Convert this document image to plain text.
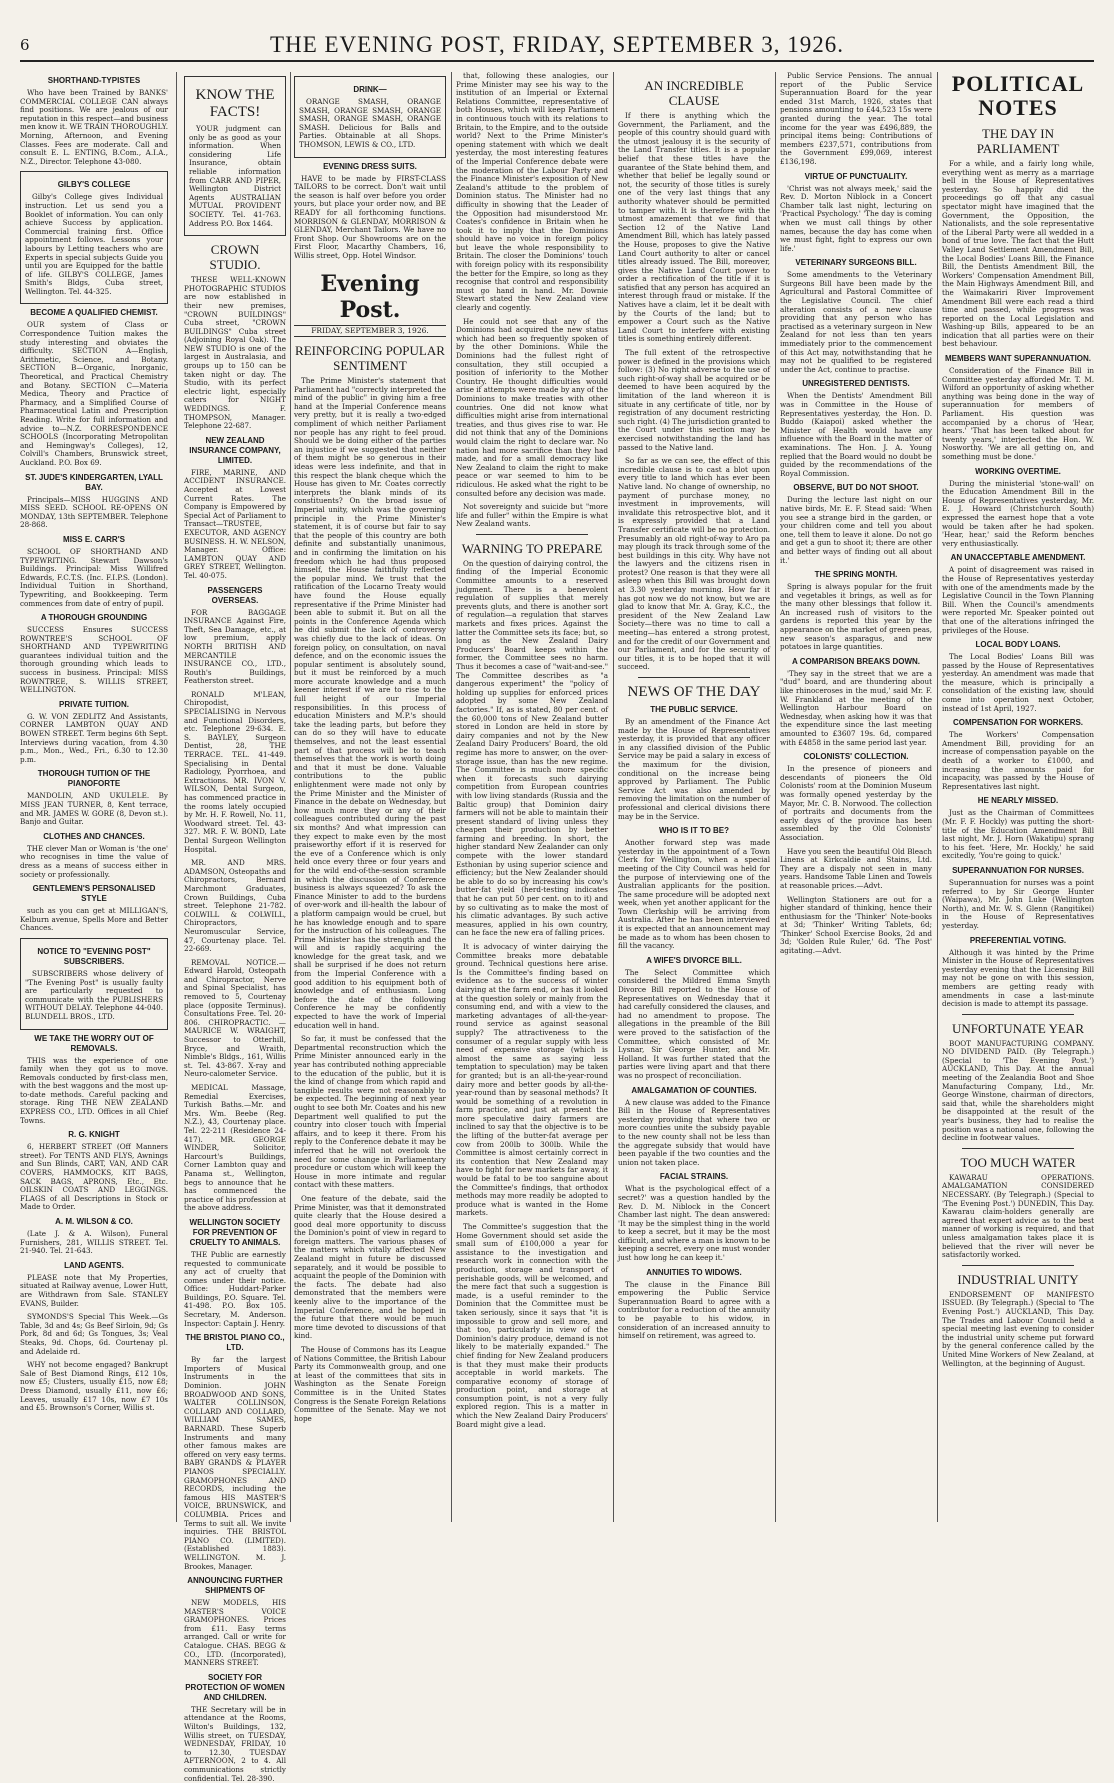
6	THE EVENING POST, FRIDAY, SEPTEMBER 3, 1926.
SHORTHAND-TYPISTES

Who have been Trained by BANKS' COMMERCIAL COLLEGE CAN always find positions. We are jealous of our reputation in this respect—and business men know it. WE TRAIN THOROUGHLY. Morning, Afternoon, and Evening Classes. Fees are moderate. Call and consult E. L. ENTING, B.Com., A.I.A., N.Z., Director. Telephone 43-080.

GILBY'S COLLEGE

Gilby's College gives Individual instruction. Let us send you a Booklet of information. You can only achieve Success by application. Commercial training first. Office appointment follows. Lessons your labours by Letting teachers who are Experts in special subjects Guide you until you are Equipped for the battle of life. GILBY'S COLLEGE, James Smith's Bldgs, Cuba street, Wellington. Tel. 44-325.

BECOME A QUALIFIED CHEMIST.

OUR system of Class or Correspondence Tuition makes the study interesting and obviates the difficulty. SECTION A—English, Arithmetic, Science, and Botany. SECTION B—Organic, Inorganic, Theoretical, and Practical Chemistry and Botany. SECTION C—Materia Medica, Theory and Practice of Pharmacy, and a Simplified Course of Pharmaceutical Latin and Prescription Reading. Write for full information and advice to—N.Z. CORRESPONDENCE SCHOOLS (Incorporating Metropolitan and Hemingway's Colleges), 12, Colvill's Chambers, Brunswick street, Auckland. P.O. Box 69.

ST. JUDE'S KINDERGARTEN, LYALL BAY.

Principals—MISS HUGGINS AND MISS SEED. SCHOOL RE-OPENS ON MONDAY, 13th SEPTEMBER. Telephone 28-868.

MISS E. CARR'S

SCHOOL OF SHORTHAND AND TYPEWRITING. Stewart Dawson's Buildings. Principal: Miss Willifred Edwards, F.C.T.S. (Inc. F.I.P.S. (London). Individual Tuition in Shorthand, Typewriting, and Bookkeeping. Term commences from date of entry of pupil.

A THOROUGH GROUNDING

SUCCESS Ensures SUCCESS ROWNTREE'S SCHOOL OF SHORTHAND AND TYPEWRITING guarantees individual tuition and the thorough grounding which leads to success in business. Principal: MISS ROWNTREE, S. WILLIS STREET, WELLINGTON.

PRIVATE TUITION.

G. W. VON ZEDLITZ And Assistants, CORNER LAMBTON QUAY AND BOWEN STREET. Term begins 6th Sept. Interviews during vacation, from 4.30 p.m., Mon., Wed., Fri., 6.30 to 12.30 p.m.

THOROUGH TUITION OF THE PIANOFORTE

MANDOLIN, AND UKULELE. By MISS JEAN TURNER, 8, Kent terrace, and MR. JAMES W. GORE (8, Devon st.). Banjo and Guitar.

CLOTHES AND CHANCES.

THE clever Man or Woman is 'the one' who recognises in time the value of dress as a means of success either in society or professionally.

GENTLEMEN'S PERSONALISED STYLE

such as you can get at MILLIGAN'S, Kelburn avenue, Spells More and Better Chances.

NOTICE TO "EVENING POST" SUBSCRIBERS.

SUBSCRIBERS whose delivery of "The Evening Post" is usually faulty are particularly requested to communicate with the PUBLISHERS WITHOUT DELAY. Telephone 44-040. BLUNDELL BROS., LTD.

WE TAKE THE WORRY OUT OF REMOVALS.

THIS was the experience of one family when they got us to move. Removals conducted by first-class men, with the best waggons and the most up-to-date methods. Careful packing and storage. Ring THE NEW ZEALAND EXPRESS CO., LTD. Offices in all Chief Towns.

R. G. KNIGHT

6, HERBERT STREET (Off Manners street). For TENTS AND FLYS, Awnings and Sun Blinds, CART, VAN, AND CAR COVERS, HAMMOCKS, KIT BAGS, SACK BAGS, APRONS, Etc., Etc. OILSKIN COATS AND LEGGINGS. FLAGS of all Descriptions in Stock or Made to Order.

A. M. WILSON & CO.

(Late J. & A. Wilson), Funeral Furnishers, 281, WILLIS STREET. Tel. 21-940. Tel. 21-643.

LAND AGENTS.

PLEASE note that My Properties, situated at Railway avenue, Lower Hutt, are Withdrawn from Sale. STANLEY EVANS, Builder.

SYMONDS'S Special This Week.—Gs Table, 3d and 4s; Gs Beef Sirloin, 9d; Gs Pork, 8d and 6d; Gs Tongues, 3s; Veal Steaks, 9d. Chops, 6d. Courtenay pl. and Adelaide rd.

WHY not become engaged? Bankrupt Sale of Best Diamond Rings, £12 10s, now £5; Clusters, usually £15, now £8; Dress Diamond, usually £11, now £6; Leaves, usually £17 10s, now £7 10s and £5. Brownson's Corner, Willis st.

KNOW THE FACTS!

YOUR judgment can only be as good as your information. When considering Life Insurance, obtain reliable information from CARR AND PIPER, Wellington District Agents AUSTRALIAN MUTUAL PROVIDENT SOCIETY. Tel. 41-763. Address P.O. Box 1464.

CROWN STUDIO.

THESE WELL-KNOWN PHOTOGRAPHIC STUDIOS are now established in their new premises, "CROWN BUILDINGS" Cuba street, "CROWN BUILDINGS" Cuba street (Adjoining Royal Oak). The NEW STUDIO is one of the largest in Australasia, and groups up to 150 can be taken night or day. The Studio, with its perfect electric light, especially caters for NIGHT WEDDINGS. F. THOMPSON, Manager. Telephone 22-687.

NEW ZEALAND INSURANCE COMPANY, LIMITED.

FIRE, MARINE, AND ACCIDENT INSURANCE. Accepted at Lowest Current Rates. The Company is Empowered by Special Act of Parliament to Transact—TRUSTEE, EXECUTOR, AND AGENCY BUSINESS. H. W. NELSON, Manager. Office: LAMBTON QUAY AND GREY STREET, Wellington. Tel. 40-075.

PASSENGERS OVERSEAS.

FOR BAGGAGE INSURANCE Against Fire, Theft, Sea Damage, etc., at low premium, apply NORTH BRITISH AND MERCANTILE INSURANCE CO., LTD., Routh's Buildings, Featherston street.

RONALD M'LEAN, Chiropodist, SPECIALISING in Nervous and Functional Disorders, etc. Telephone 29-634. E. S. BAYLEY, Surgeon Dentist, 28, THE TERRACE. TEL. 41-449. Specialising in Dental Radiology, Pyorrhoea, and Extractions. MR. IVON V. WILSON, Dental Surgeon, has commenced practice in the rooms lately occupied by Mr. H. F. Rowell, No. 11, Woodward street. Tel. 43-327. MR. F. W. BOND, Late Dental Surgeon Wellington Hospital.

MR. AND MRS. ADAMSON, Osteopaths and Chiropractors, Bernard Marchmont Graduates, Crown Buildings, Cuba street. Telephone 21-782. COLWILL & COLWILL, Chiropractors, Neuromuscular Service, 47, Courtenay place. Tel. 22-669.

REMOVAL NOTICE.—Edward Harold, Osteopath and Chiropractor, Nerve and Spinal Specialist, has removed to 5, Courtenay place (opposite Terminus). Consultations Free. Tel. 20-806. CHIROPRACTIC. — MAURICE W. WRAIGHT, Successor to Otterhill, Bryce, and Wraith, Nimble's Bldgs., 161, Willis st. Tel. 43-867. X-ray and Neuro-calometer Service.

MEDICAL Massage, Remedial Exercises, Turkish Baths.—Mr. and Mrs. Wm. Beebe (Reg. N.Z.), 43, Courtenay place. Tel. 22-211 (Residence 24-417). MR. GEORGE WINDER, Solicitor, Harcourt's Buildings, Corner Lambton quay and Panama st., Wellington, begs to announce that he has commenced the practice of his profession at the above address.

WELLINGTON SOCIETY FOR PREVENTION OF CRUELTY TO ANIMALS.

THE Public are earnestly requested to communicate any act of cruelty that comes under their notice. Office: Huddart-Parker Buildings, P.O. Square. Tel. 41-498. P.O. Box 105. Secretary, M. Anderson. Inspector: Captain J. Henry.

THE BRISTOL PIANO CO., LTD.

By far the largest Importers of Musical Instruments in the Dominion. JOHN BROADWOOD AND SONS, WALTER COLLINSON, COLLARD AND COLLARD, WILLIAM SAMES, BARNARD. These Superb Instruments and many other famous makes are offered on very easy terms. BABY GRANDS & PLAYER PIANOS SPECIALLY. GRAMOPHONES AND RECORDS, including the famous HIS MASTER'S VOICE, BRUNSWICK, and COLUMBIA. Prices and Terms to suit all. We invite inquiries. THE BRISTOL PIANO CO. (LIMITED). (Established 1883). WELLINGTON. M. J. Brookes, Manager.

ANNOUNCING FURTHER SHIPMENTS OF

NEW MODELS, HIS MASTER'S VOICE GRAMOPHONES. Prices from £11. Easy terms arranged. Call or write for Catalogue. CHAS. BEGG & CO., LTD. (Incorporated), MANNERS STREET.

SOCIETY FOR PROTECTION OF WOMEN AND CHILDREN.

THE Secretary will be in attendance at the Rooms, Wilton's Buildings, 132, Willis street, on TUESDAY, WEDNESDAY, FRIDAY, 10 to 12.30, TUESDAY AFTERNOON, 2 to 4. All communications strictly confidential. Tel. 28-390.

DRINK—

ORANGE SMASH, ORANGE SMASH, ORANGE SMASH, ORANGE SMASH, ORANGE SMASH, ORANGE SMASH. Delicious for Balls and Parties. Obtainable at all Shops. THOMSON, LEWIS & CO., LTD.

EVENING DRESS SUITS.

HAVE to be made by FIRST-CLASS TAILORS to be correct. Don't wait until the season is half over before you order yours, but place your order now, and BE READY for all forthcoming functions. MORRISON & GLENDAY, MORRISON & GLENDAY, Merchant Tailors. We have no Front Shop. Our Showrooms are on the First Floor, Macarthy Chambers, 16, Willis street, Opp. Hotel Windsor.

Evening Post.
FRIDAY, SEPTEMBER 3, 1926.
REINFORCING POPULAR SENTIMENT

The Prime Minister's statement that Parliament had "correctly interpreted the mind of the public" in giving him a free hand at the Imperial Conference means very pretty, but it is really a two-edged compliment of which neither Parliament nor people has any right to feel proud. Should we be doing either of the parties an injustice if we suggested that neither of them might be so generous in their ideas were less indefinite, and that in this respect the blank cheque which the House has given to Mr. Coates correctly interprets the blank minds of its constituents? On the broad issue of Imperial unity, which was the governing principle in the Prime Minister's statement, it is of course but fair to say that the people of this country are both definite and substantially unanimous, and in confirming the limitation on his freedom which he had thus proposed himself, the House faithfully reflected the popular mind. We trust that the ratification of the Locarno Treaty would have found the House equally representative if the Prime Minister had been able to submit it. But on all the points in the Conference Agenda which he did submit the lack of controversy was chiefly due to the lack of ideas. On foreign policy, on consultation, on naval defence, and on the economic issues the popular sentiment is absolutely sound, but it must be reinforced by a much more accurate knowledge and a much keener interest if we are to rise to the full height of our Imperial responsibilities. In this process of education Ministers and M.P.'s should take the leading parts, but before they can do so they will have to educate themselves, and not the least essential part of that process will be to teach themselves that the work is worth doing and that it must be done. Valuable contributions to the public enlightenment were made not only by the Prime Minister and the Minister of Finance in the debate on Wednesday, but how much more they or any of their colleagues contributed during the past six months? And what impression can they expect to make even by the most praiseworthy effort if it is reserved for the eve of a Conference which is only held once every three or four years and for the wild end-of-the-session scramble in which the discussion of Conference business is always squeezed? To ask the Finance Minister to add to the burdens of over-work and ill-health the labour of a platform campaign would be cruel, but he has knowledge enough and to spare for the instruction of his colleagues. The Prime Minister has the strength and the will and is rapidly acquiring the knowledge for the great task, and we shall be surprised if he does not return from the Imperial Conference with a good addition to his equipment both of knowledge and of enthusiasm. Long before the date of the following Conference he may be confidently expected to have the work of Imperial education well in hand.

So far, it must be confessed that the Departmental reconstruction which the Prime Minister announced early in the year has contributed nothing appreciable to the education of the public, but it is the kind of change from which rapid and tangible results were not reasonably to be expected. The beginning of next year ought to see both Mr. Coates and his new Department well qualified to put the country into closer touch with Imperial affairs, and to keep it there. From his reply to the Conference debate it may be inferred that he will not overlook the need for some change in Parliamentary procedure or custom which will keep the House in more intimate and regular contact with these matters.

One feature of the debate, said the Prime Minister, was that it demonstrated quite clearly that the House desired a good deal more opportunity to discuss the Dominion's point of view in regard to foreign matters. The various phases of the matters which vitally affected New Zealand might in future be discussed separately, and it would be possible to acquaint the people of the Dominion with the facts. The debate had also demonstrated that the members were keenly alive to the importance of the Imperial Conference, and he hoped in the future that there would be much more time devoted to discussions of that kind.

The House of Commons has its League of Nations Committee, the British Labour Party its Commonwealth group, and one at least of the committees that sits in Washington as the Senate Foreign Committee is in the United States Congress is the Senate Foreign Relations Committee of the Senate. May we not hope

that, following these analogies, our Prime Minister may see his way to the institution of an Imperial or External Relations Committee, representative of both Houses, which will keep Parliament in continuous touch with its relations to Britain, to the Empire, and to the outside world? Next to the Prime Minister's opening statement with which we dealt yesterday, the most interesting features of the Imperial Conference debate were the moderation of the Labour Party and the Finance Minister's exposition of New Zealand's attitude to the problem of Dominion status. The Minister had no difficulty in showing that the Leader of the Opposition had misunderstood Mr. Coates's confidence in Britain when he took it to imply that the Dominions should have no voice in foreign policy but leave the whole responsibility to Britain. The closer the Dominions' touch with foreign policy with its responsibility the better for the Empire, so long as they recognise that control and responsibility must go hand in hand. Mr. Downie Stewart stated the New Zealand view clearly and cogently.

He could not see that any of the Dominions had acquired the new status which had been so frequently spoken of by the other Dominions. While the Dominions had the fullest right of consultation, they still occupied a position of inferiority to the Mother Country. He thought difficulties would arise if attempts were made by any of the Dominions to make treaties with other countries. One did not know what difficulties might arise from international treaties, and thus gives rise to war. He did not think that any of the Dominions would claim the right to declare war. No nation had more sacrifice than they had made, and for a small democracy like New Zealand to claim the right to make peace or war seemed to him to be ridiculous. He asked what the right to be consulted before any decision was made.

Not sovereignty and suicide but "more life and fuller" within the Empire is what New Zealand wants.

WARNING TO PREPARE

On the question of dairying control, the finding of the Imperial Economic Committee amounts to a reserved judgment. There is a benevolent regulation of supplies that merely prevents gluts, and there is another sort of regulation—a regulation that starves markets and fixes prices. Against the latter the Committee sets its face; but, so long as the New Zealand Dairy Producers' Board keeps within the former, the Committee sees no harm. Thus it becomes a case of "wait-and-see." The Committee describes as "a dangerous experiment" the "policy of holding up supplies for enforced prices adopted by some New Zealand factories." If, as is stated, 80 per cent. of the 60,000 tons of New Zealand butter stored in London are held in store by dairy companies and not by the New Zealand Dairy Producers' Board, the old regime has more to answer, on the over-storage issue, than has the new regime. The Committee is much more specific when it forecasts such dairying competition from European countries with low living standards (Russia and the Baltic group) that Dominion dairy farmers will not be able to maintain their present standard of living unless they cheapen their production by better farming and breeding. In short, the higher standard New Zealander can only compete with the lower standard Esthonian by using superior science and efficiency; but the New Zealander should be able to do so by increasing his cow's butter-fat yield (herd-testing indicates that he can put 50 per cent. on to it) and by so cultivating as to make the most of his climatic advantages. By such active measures, applied in his own country, can he face the new era of falling prices.

It is advocacy of winter dairying the Committee breaks more debatable ground. Technical questions here arise. Is the Committee's finding based on evidence as to the success of winter dairying at the farm end, or has it looked at the question solely or mainly from the consuming end, and with a view to the marketing advantages of all-the-year-round service as against seasonal supply? The attractiveness to the consumer of a regular supply with less need of expensive storage (which is almost the same as saying less temptation to speculation) may be taken for granted; but is an all-the-year-round dairy more and better goods by all-the-year-round than by seasonal methods? It would be something of a revolution in farm practice, and just at present the more speculative dairy farmers are inclined to say that the objective is to be the lifting of the butter-fat average per cow from 200lb to 300lb. While the Committee is almost certainly correct in its contention that New Zealand may have to fight for new markets far away, it would be fatal to be too sanguine about the Committee's findings, that orthodox methods may more readily be adopted to produce what is wanted in the Home markets.

The Committee's suggestion that the Home Government should set aside the small sum of £100,000 a year for assistance to the investigation and research work in connection with the production, storage and transport of perishable goods, will be welcomed, and the mere fact that such a suggestion is made, is a useful reminder to the Dominion that the Committee must be taken seriously, since it says that "it is impossible to grow and sell more, and that too, particularly in view of the Dominion's dairy produce, demand is not likely to be materially expanded." The chief finding for New Zealand producers is that they must make their products acceptable in world markets. The comparative economy of storage of production point, and storage at consumption point, is not a very fully explored region. This is a matter in which the New Zealand Dairy Producers' Board might give a lead.

AN INCREDIBLE CLAUSE

If there is anything which the Government, the Parliament, and the people of this country should guard with the utmost jealousy it is the security of the Land Transfer titles. It is a popular belief that these titles have the guarantee of the State behind them, and whether that belief be legally sound or not, the security of those titles is surely one of the very last things that any authority whatever should be permitted to tamper with. It is therefore with the utmost amazement that we find that Section 12 of the Native Land Amendment Bill, which has lately passed the House, proposes to give the Native Land Court authority to alter or cancel titles already issued. The Bill, moreover, gives the Native Land Court power to order a rectification of the title if it is satisfied that any person has acquired an interest through fraud or mistake. If the Natives have a claim, let it be dealt with by the Courts of the land; but to empower a Court such as the Native Land Court to interfere with existing titles is something entirely different.

The full extent of the retrospective power is defined in the provisions which follow: (3) No right adverse to the use of such right-of-way shall be acquired or be deemed to have been acquired by the limitation of the land whereon it is situate in any certificate of title, nor by registration of any document restricting such right. (4) The jurisdiction granted to the Court under this section may be exercised notwithstanding the land has passed to the Native land.

So far as we can see, the effect of this incredible clause is to cast a blot upon every title to land which has ever been Native land. No change of ownership, no payment of purchase money, no investment in improvements, will invalidate this retrospective blot, and it is expressly provided that a Land Transfer certificate will be no protection. Presumably an old right-of-way to Aro pa may plough its track through some of the best buildings in this city. Why have not the lawyers and the citizens risen in protest? One reason is that they were all asleep when this Bill was brought down at 3.30 yesterday morning. How far it has got now we do not know, but we are glad to know that Mr. A. Gray, K.C., the president of the New Zealand Law Society—there was no time to call a meeting—has entered a strong protest, and for the credit of our Government and our Parliament, and for the security of our titles, it is to be hoped that it will succeed.

NEWS OF THE DAY
THE PUBLIC SERVICE.

By an amendment of the Finance Act made by the House of Representatives yesterday, it is provided that any officer in any classified division of the Public Service may be paid a salary in excess of the maximum for the division, conditional on the increase being approved by Parliament. The Public Service Act was also amended by removing the limitation on the number of professional and clerical divisions there may be in the Service.

WHO IS IT TO BE?

Another forward step was made yesterday in the appointment of a Town Clerk for Wellington, when a special meeting of the City Council was held for the purpose of interviewing one of the Australian applicants for the position. The same procedure will be adopted next week, when yet another applicant for the Town Clerkship will be arriving from Australia. After he has been interviewed it is expected that an announcement may be made as to whom has been chosen to fill the vacancy.

A WIFE'S DIVORCE BILL.

The Select Committee which considered the Mildred Emma Smyth Divorce Bill reported to the House of Representatives on Wednesday that it had carefully considered the clauses, and had no amendment to propose. The allegations in the preamble of the Bill were proved to the satisfaction of the Committee, which consisted of Mr. Lysnar, Sir George Hunter, and Mr. Holland. It was further stated that the parties were living apart and that there was no prospect of reconciliation.

AMALGAMATION OF COUNTIES.

A new clause was added to the Finance Bill in the House of Representatives yesterday providing that where two or more counties unite the subsidy payable to the new county shall not be less than the aggregate subsidy that would have been payable if the two counties and the union not taken place.

FACIAL STRAINS.

What is the psychological effect of a secret?' was a question handled by the Rev. D. M. Niblock in the Concert Chamber last night. The dean answered: 'It may be the simplest thing in the world to keep a secret, but it may be the most difficult, and where a man is known to be keeping a secret, every one must wonder just how long he can keep it.'

ANNUITIES TO WIDOWS.

The clause in the Finance Bill empowering the Public Service Superannuation Board to agree with a contributor for a reduction of the annuity to be payable to his widow, in consideration of an increased annuity to himself on retirement, was agreed to.

Public Service Pensions. The annual report of the Public Service Superannuation Board for the year ended 31st March, 1926, states that pensions amounting to £44,523 15s were granted during the year. The total income for the year was £496,889, the principal items being: Contributions of members £237,571, contributions from the Government £99,069, interest £136,198.

VIRTUE OF PUNCTUALITY.

'Christ was not always meek,' said the Rev. D. Morton Niblock in a Concert Chamber talk last night, lecturing on 'Practical Psychology.' 'The day is coming when we must call things by other names, because the day has come when we must fight, fight to express our own life.'

VETERINARY SURGEONS BILL.

Some amendments to the Veterinary Surgeons Bill have been made by the Agricultural and Pastoral Committee of the Legislative Council. The chief alteration consists of a new clause providing that any person who has practised as a veterinary surgeon in New Zealand for not less than ten years immediately prior to the commencement of this Act may, notwithstanding that he may not be qualified to be registered under the Act, continue to practise.

UNREGISTERED DENTISTS.

When the Dentists' Amendment Bill was in Committee in the House of Representatives yesterday, the Hon. D. Buddo (Kaiapoi) asked whether the Minister of Health would have any influence with the Board in the matter of examinations. The Hon. J. A. Young replied that the Board would no doubt be guided by the recommendations of the Royal Commission.

OBSERVE, BUT DO NOT SHOOT.

During the lecture last night on our native birds, Mr. E. F. Stead said: 'When you see a strange bird in the garden, or your children come and tell you about one, tell them to leave it alone. Do not go and get a gun to shoot it; there are other and better ways of finding out all about it.'

THE SPRING MONTH.

Spring is always popular for the fruit and vegetables it brings, as well as for the many other blessings that follow it. An increased rush of visitors to the gardens is reported this year by the appearance on the market of green peas, new season's asparagus, and new potatoes in large quantities.

A COMPARISON BREAKS DOWN.

'They say in the street that we are a "dud" board, and are thundering about like rhinoceroses in the mud,' said Mr. F. W. Frankland at the meeting of the Wellington Harbour Board on Wednesday, when asking how it was that the expenditure since the last meeting amounted to £3607 19s. 6d, compared with £4858 in the same period last year.

COLONISTS' COLLECTION.

In the presence of pioneers and descendants of pioneers the Old Colonists' room at the Dominion Museum was formally opened yesterday by the Mayor, Mr. C. B. Norwood. The collection of portraits and documents from the early days of the province has been assembled by the Old Colonists' Association.

Have you seen the beautiful Old Bleach Linens at Kirkcaldie and Stains, Ltd. They are a dispaly not seen in many years. Handsome Table Linen and Towels at reasonable prices.—Advt.

Wellington Stationers are out for a higher standard of thinking, hence their enthusiasm for the 'Thinker' Note-books at 3d; 'Thinker' Writing Tablets, 6d; 'Thinker' School Exercise Books, 2d and 3d; 'Golden Rule Ruler,' 6d. 'The Post' agitating.—Advt.

POLITICAL NOTES
THE DAY IN PARLIAMENT

For a while, and a fairly long while, everything went as merry as a marriage bell in the House of Representatives yesterday. So happily did the proceedings go off that any casual spectator might have imagined that the Government, the Opposition, the Nationalists, and the sole representative of the Liberal Party were all wedded in a bond of true love. The fact that the Hutt Valley Land Settlement Amendment Bill, the Local Bodies' Loans Bill, the Finance Bill, the Dentists Amendment Bill, the Workers' Compensation Amendment Bill, the Main Highways Amendment Bill, and the Waimakariri River Improvement Amendment Bill were each read a third time and passed, while progress was reported on the Local Legislation and Washing-up Bills, appeared to be an indication that all parties were on their best behaviour.

MEMBERS WANT SUPERANNUATION.

Consideration of the Finance Bill in Committee yesterday afforded Mr. T. M. Wilford an opportunity of asking whether anything was being done in the way of superannuation for members of Parliament. His question was accompanied by a chorus of 'Hear, hears.' 'That has been talked about for twenty years,' interjected the Hon. W. Nosworthy. 'We are all getting on, and something must be done.'

WORKING OVERTIME.

During the ministerial 'stone-wall' on the Education Amendment Bill in the House of Representatives yesterday, Mr. E. J. Howard (Christchurch South) expressed the earnest hope that a vote would be taken after he had spoken. 'Hear, hear,' said the Reform benches very enthusiastically.

AN UNACCEPTABLE AMENDMENT.

A point of disagreement was raised in the House of Representatives yesterday with one of the amendments made by the Legislative Council in the Town Planning Bill. When the Council's amendments were reported Mr. Speaker pointed out that one of the alterations infringed the privileges of the House.

LOCAL BODY LOANS.

The Local Bodies' Loans Bill was passed by the House of Representatives yesterday. An amendment was made that the measure, which is principally a consolidation of the existing law, should come into operation next October, instead of 1st April, 1927.

COMPENSATION FOR WORKERS.

The Workers' Compensation Amendment Bill, providing for an increase of compensation payable on the death of a worker to £1000, and increasing the amounts paid for incapacity, was passed by the House of Representatives last night.

HE NEARLY MISSED.

Just as the Chairman of Committees (Mr. F. F. Hockly) was putting the short-title of the Education Amendment Bill last night, Mr. J. Horn (Wakatipu) sprang to his feet. 'Here, Mr. Hockly,' he said excitedly, 'You're going to quick.'

SUPERANNUATION FOR NURSES.

Superannuation for nurses was a point referred to by Sir George Hunter (Waipawa), Mr. John Luke (Wellington North), and Mr. W. S. Glenn (Rangitikei) in the House of Representatives yesterday.

PREFERENTIAL VOTING.

Although it was hinted by the Prime Minister in the House of Representatives yesterday evening that the Licensing Bill may not be gone on with this session, members are getting ready with amendments in case a last-minute decision is made to attempt its passage.

UNFORTUNATE YEAR

BOOT MANUFACTURING COMPANY. NO DIVIDEND PAID. (By Telegraph.) (Special to 'The Evening Post.') AUCKLAND, This Day. At the annual meeting of the Zealandia Boot and Shoe Manufacturing Company, Ltd., Mr. George Winstone, chairman of directors, said that, while the shareholders might be disappointed at the result of the year's business, they had to realise the position was a national one, following the decline in footwear values.

TOO MUCH WATER

KAWARAU OPERATIONS. AMALGAMATION CONSIDERED NECESSARY. (By Telegraph.) (Special to 'The Evening Post.') DUNEDIN, This Day. Kawarau claim-holders generally are agreed that expert advice as to the best manner of working is required, and that unless amalgamation takes place it is believed that the river will never be satisfactorily worked.

INDUSTRIAL UNITY

ENDORSEMENT OF MANIFESTO ISSUED. (By Telegraph.) (Special to 'The Evening Post.') AUCKLAND, This Day. The Trades and Labour Council held a special meeting last evening to consider the industrial unity scheme put forward by the general conference called by the United Mine Workers of New Zealand, at Wellington, at the beginning of August.
